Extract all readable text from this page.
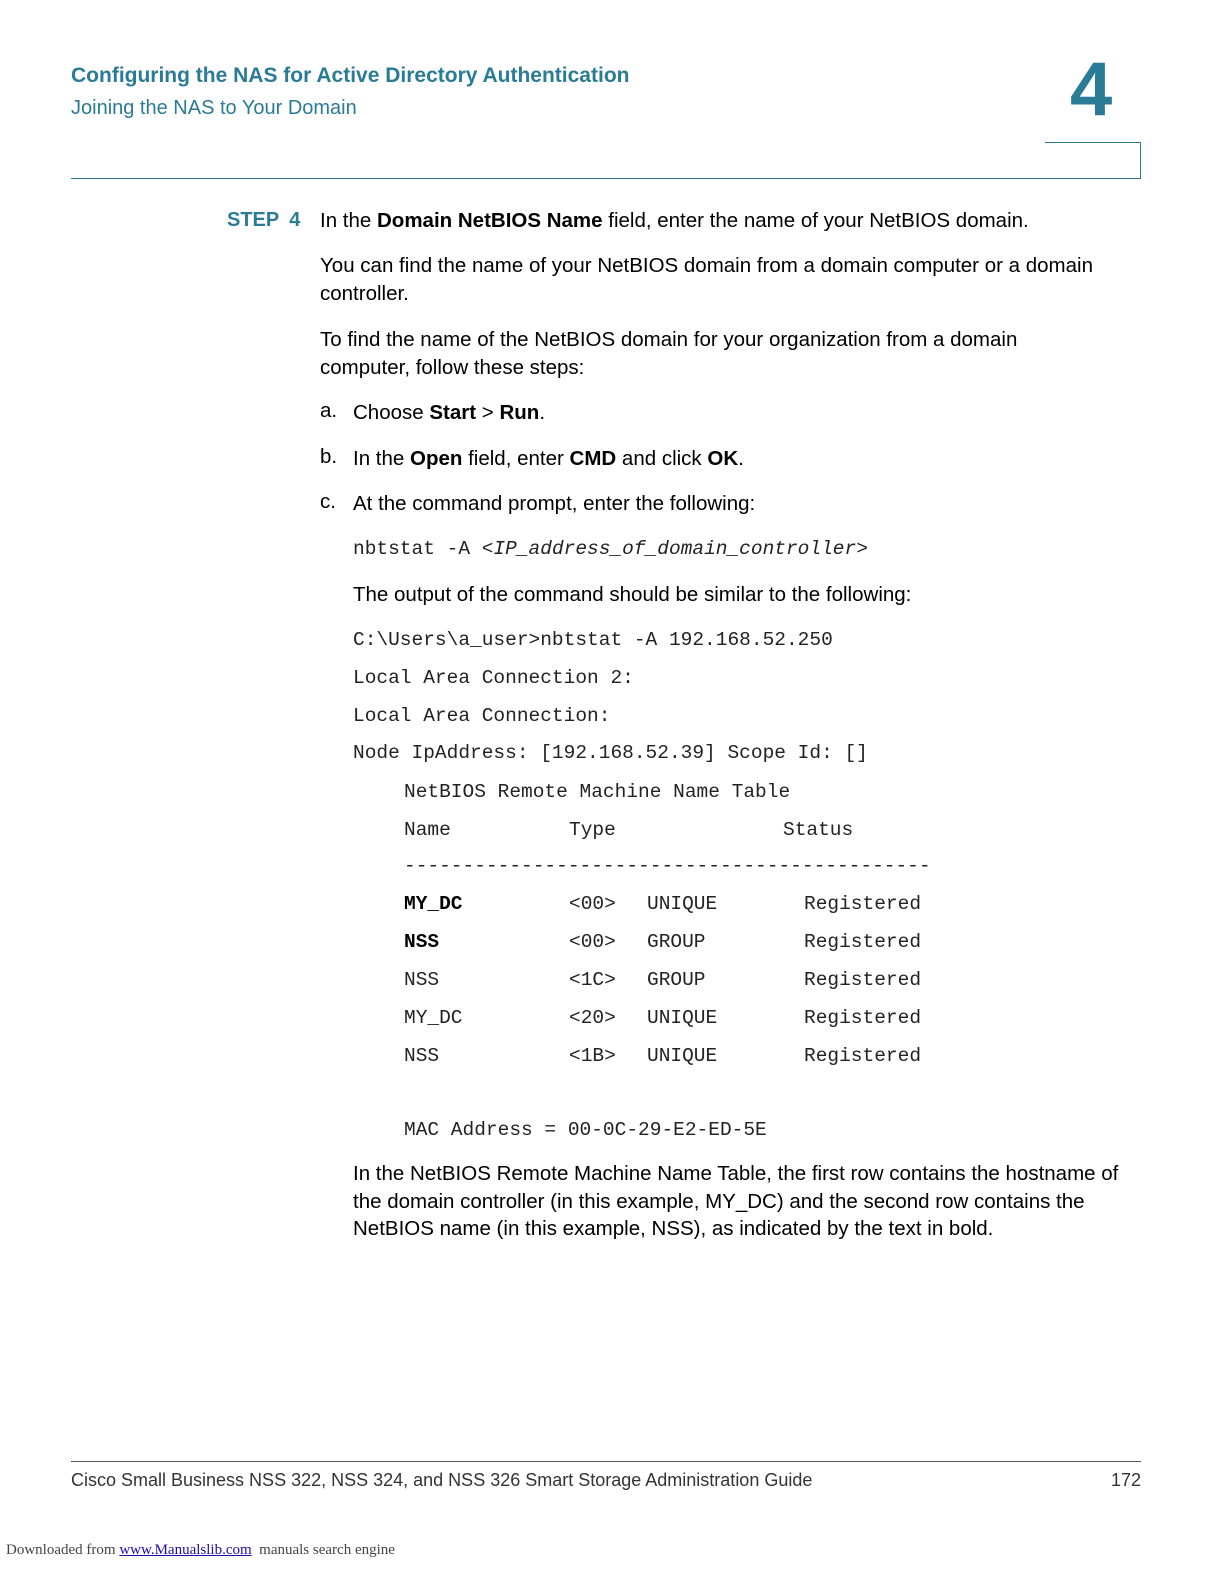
Configuring the NAS for Active Directory Authentication
Joining the NAS to Your Domain	4
STEP 4 In the Domain NetBIOS Name field, enter the name of your NetBIOS domain.
You can find the name of your NetBIOS domain from a domain computer or a domain controller.
To find the name of the NetBIOS domain for your organization from a domain computer, follow these steps:
a. Choose Start > Run.
b. In the Open field, enter CMD and click OK.
c. At the command prompt, enter the following:
nbtstat -A <IP_address_of_domain_controller>
The output of the command should be similar to the following:
C:\Users\a_user>nbtstat -A 192.168.52.250
Local Area Connection 2:
Local Area Connection:
Node IpAddress: [192.168.52.39] Scope Id: []
NetBIOS Remote Machine Name Table
Name	Type	Status
---------------------------------------------
MY_DC	<00> UNIQUE	Registered
NSS	<00> GROUP	Registered
NSS	<1C> GROUP	Registered
MY_DC	<20> UNIQUE	Registered
NSS	<1B> UNIQUE	Registered
MAC Address = 00-0C-29-E2-ED-5E
In the NetBIOS Remote Machine Name Table, the first row contains the hostname of the domain controller (in this example, MY_DC) and the second row contains the NetBIOS name (in this example, NSS), as indicated by the text in bold.
Cisco Small Business NSS 322, NSS 324, and NSS 326 Smart Storage Administration Guide	172
Downloaded from www.Manualslib.com  manuals search engine
